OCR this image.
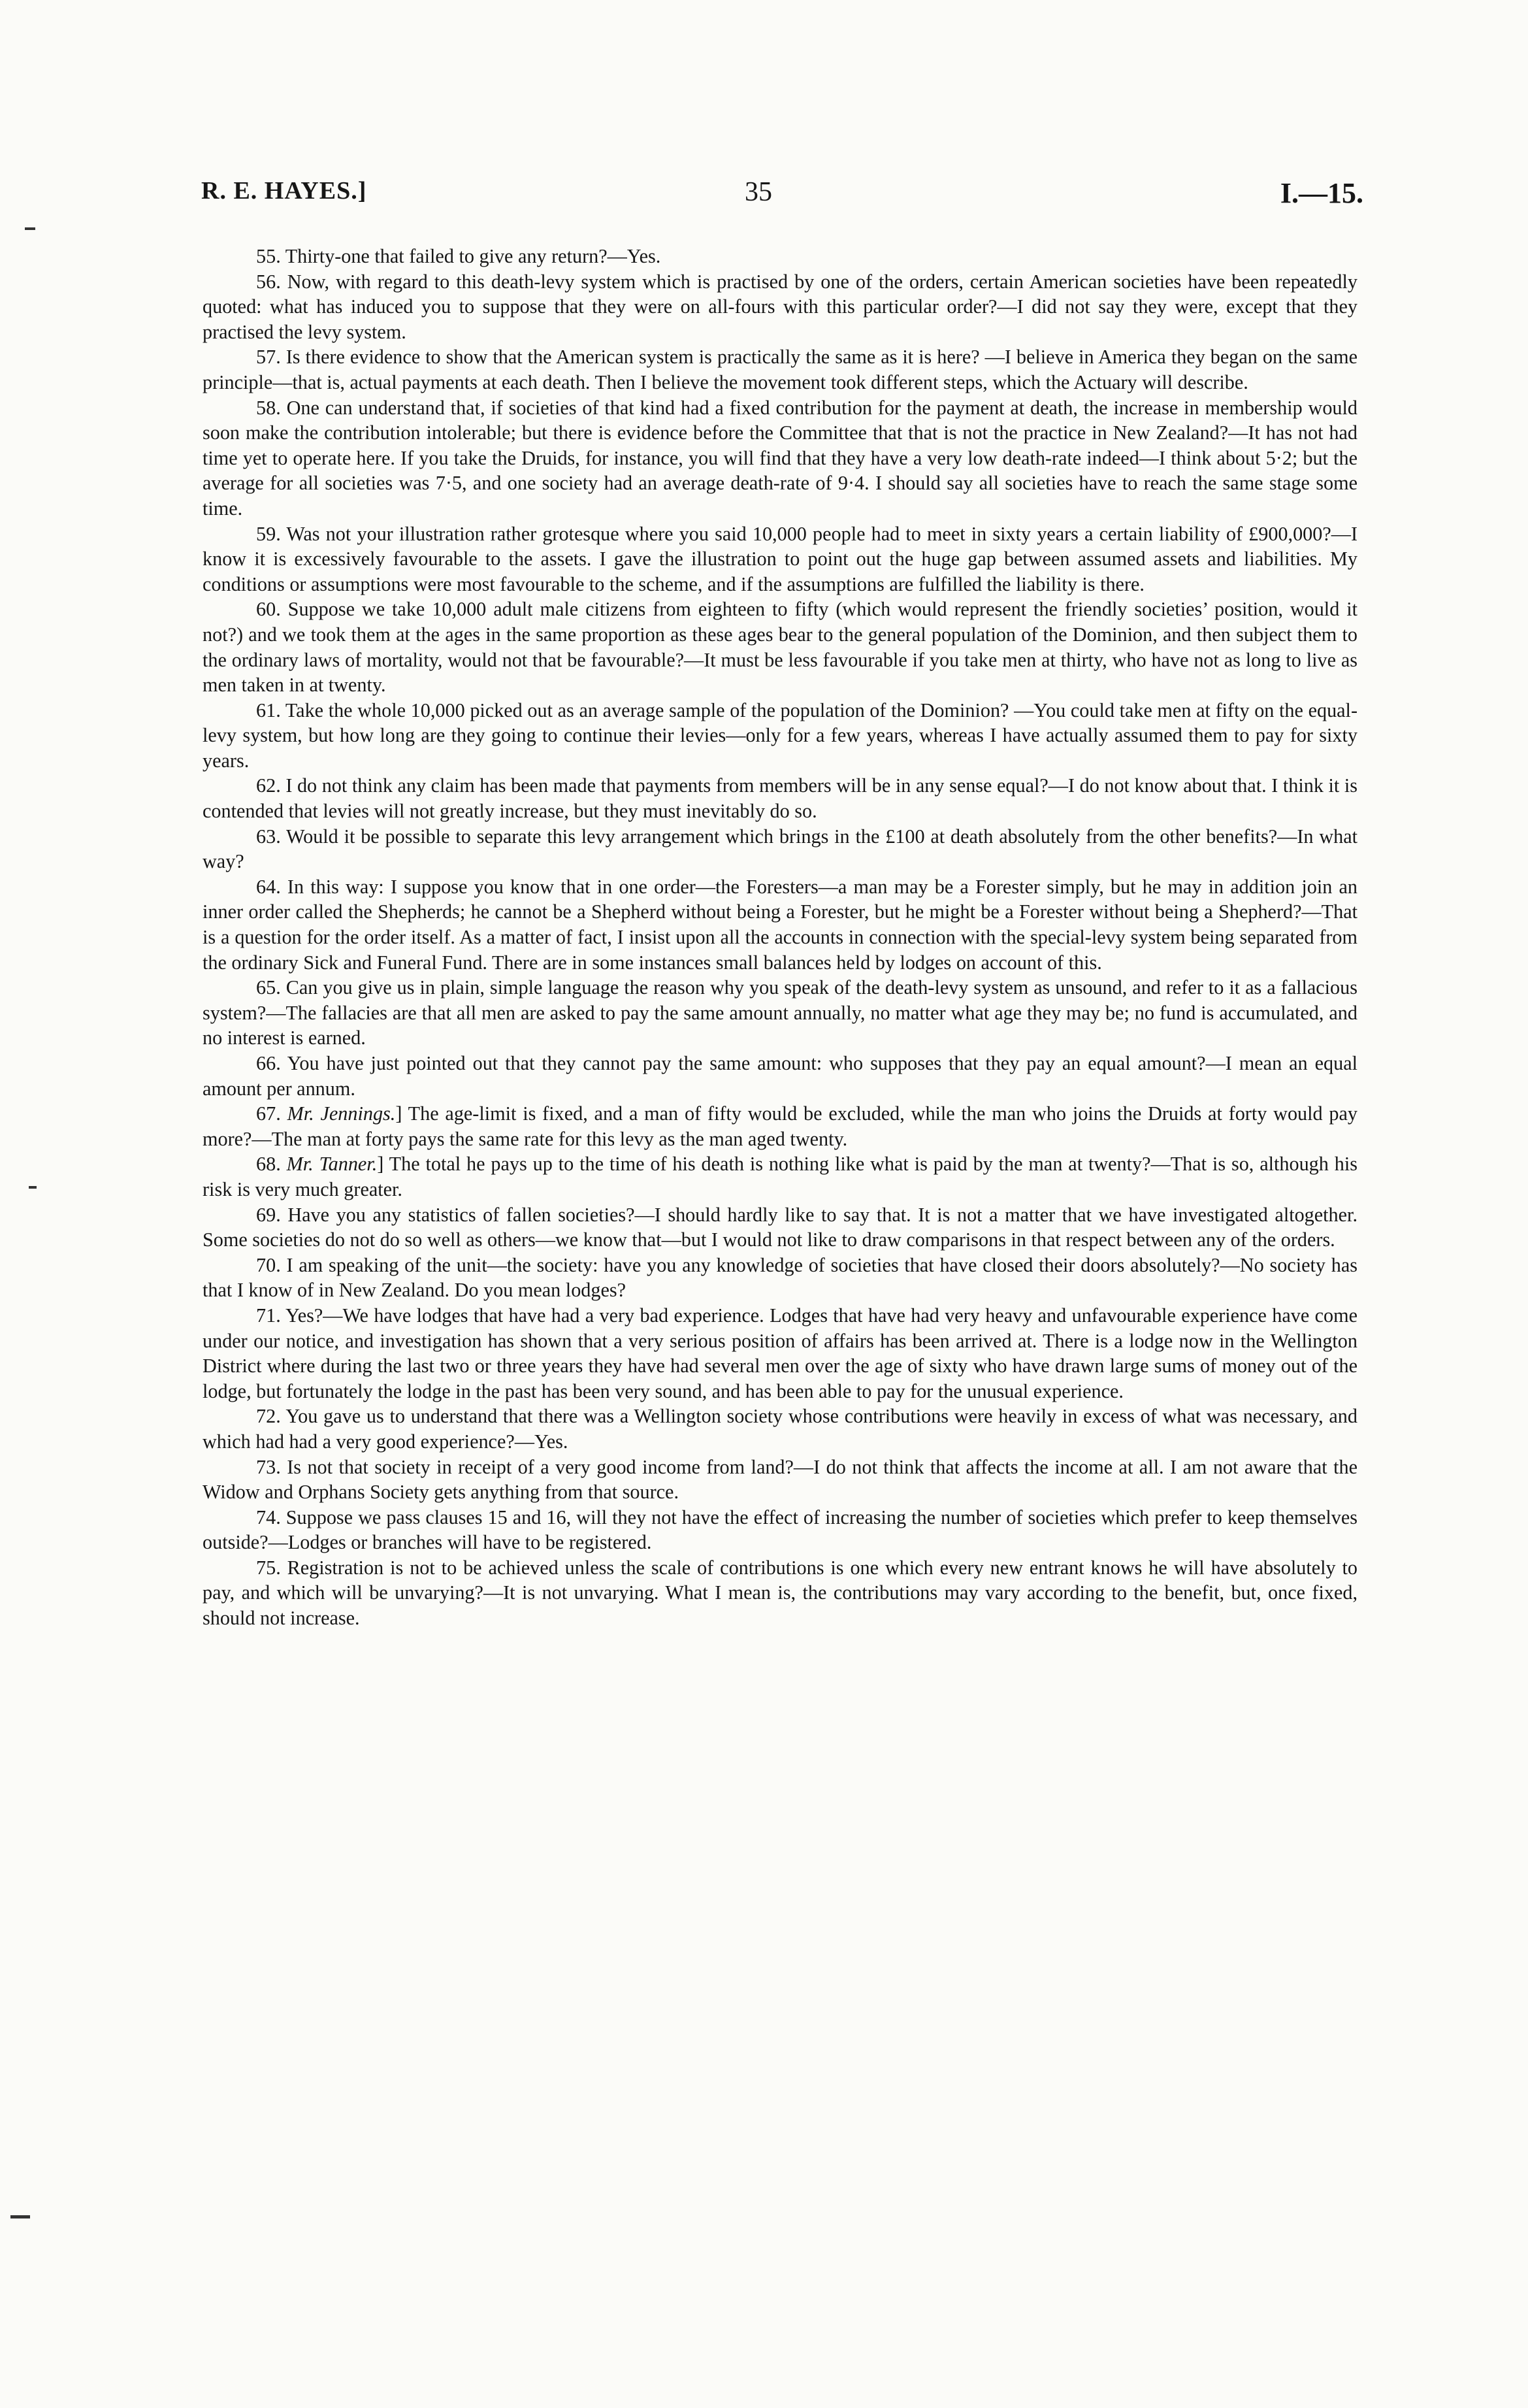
R. E. HAYES.]	35	I.—15.

55. Thirty-one that failed to give any return?—Yes.

56. Now, with regard to this death-levy system which is practised by one of the orders, certain American societies have been repeatedly quoted: what has induced you to suppose that they were on all-fours with this particular order?—I did not say they were, except that they practised the levy system.

57. Is there evidence to show that the American system is practically the same as it is here? —I believe in America they began on the same principle—that is, actual payments at each death. Then I believe the movement took different steps, which the Actuary will describe.

58. One can understand that, if societies of that kind had a fixed contribution for the payment at death, the increase in membership would soon make the contribution intolerable; but there is evidence before the Committee that that is not the practice in New Zealand?—It has not had time yet to operate here. If you take the Druids, for instance, you will find that they have a very low death-rate indeed—I think about 5·2; but the average for all societies was 7·5, and one society had an average death-rate of 9·4. I should say all societies have to reach the same stage some time.

59. Was not your illustration rather grotesque where you said 10,000 people had to meet in sixty years a certain liability of £900,000?—I know it is excessively favourable to the assets. I gave the illustration to point out the huge gap between assumed assets and liabilities. My conditions or assumptions were most favourable to the scheme, and if the assumptions are fulfilled the liability is there.

60. Suppose we take 10,000 adult male citizens from eighteen to fifty (which would represent the friendly societies’ position, would it not?) and we took them at the ages in the same proportion as these ages bear to the general population of the Dominion, and then subject them to the ordinary laws of mortality, would not that be favourable?—It must be less favourable if you take men at thirty, who have not as long to live as men taken in at twenty.

61. Take the whole 10,000 picked out as an average sample of the population of the Dominion? —You could take men at fifty on the equal-levy system, but how long are they going to continue their levies—only for a few years, whereas I have actually assumed them to pay for sixty years.

62. I do not think any claim has been made that payments from members will be in any sense equal?—I do not know about that. I think it is contended that levies will not greatly increase, but they must inevitably do so.

63. Would it be possible to separate this levy arrangement which brings in the £100 at death absolutely from the other benefits?—In what way?

64. In this way: I suppose you know that in one order—the Foresters—a man may be a Forester simply, but he may in addition join an inner order called the Shepherds; he cannot be a Shepherd without being a Forester, but he might be a Forester without being a Shepherd?—That is a question for the order itself. As a matter of fact, I insist upon all the accounts in connection with the special-levy system being separated from the ordinary Sick and Funeral Fund. There are in some instances small balances held by lodges on account of this.

65. Can you give us in plain, simple language the reason why you speak of the death-levy system as unsound, and refer to it as a fallacious system?—The fallacies are that all men are asked to pay the same amount annually, no matter what age they may be; no fund is accumulated, and no interest is earned.

66. You have just pointed out that they cannot pay the same amount: who supposes that they pay an equal amount?—I mean an equal amount per annum.

67. Mr. Jennings.] The age-limit is fixed, and a man of fifty would be excluded, while the man who joins the Druids at forty would pay more?—The man at forty pays the same rate for this levy as the man aged twenty.

68. Mr. Tanner.] The total he pays up to the time of his death is nothing like what is paid by the man at twenty?—That is so, although his risk is very much greater.

69. Have you any statistics of fallen societies?—I should hardly like to say that. It is not a matter that we have investigated altogether. Some societies do not do so well as others—we know that—but I would not like to draw comparisons in that respect between any of the orders.

70. I am speaking of the unit—the society: have you any knowledge of societies that have closed their doors absolutely?—No society has that I know of in New Zealand. Do you mean lodges?

71. Yes?—We have lodges that have had a very bad experience. Lodges that have had very heavy and unfavourable experience have come under our notice, and investigation has shown that a very serious position of affairs has been arrived at. There is a lodge now in the Wellington District where during the last two or three years they have had several men over the age of sixty who have drawn large sums of money out of the lodge, but fortunately the lodge in the past has been very sound, and has been able to pay for the unusual experience.

72. You gave us to understand that there was a Wellington society whose contributions were heavily in excess of what was necessary, and which had had a very good experience?—Yes.

73. Is not that society in receipt of a very good income from land?—I do not think that affects the income at all. I am not aware that the Widow and Orphans Society gets anything from that source.

74. Suppose we pass clauses 15 and 16, will they not have the effect of increasing the number of societies which prefer to keep themselves outside?—Lodges or branches will have to be registered.

75. Registration is not to be achieved unless the scale of contributions is one which every new entrant knows he will have absolutely to pay, and which will be unvarying?—It is not unvarying. What I mean is, the contributions may vary according to the benefit, but, once fixed, should not increase.
